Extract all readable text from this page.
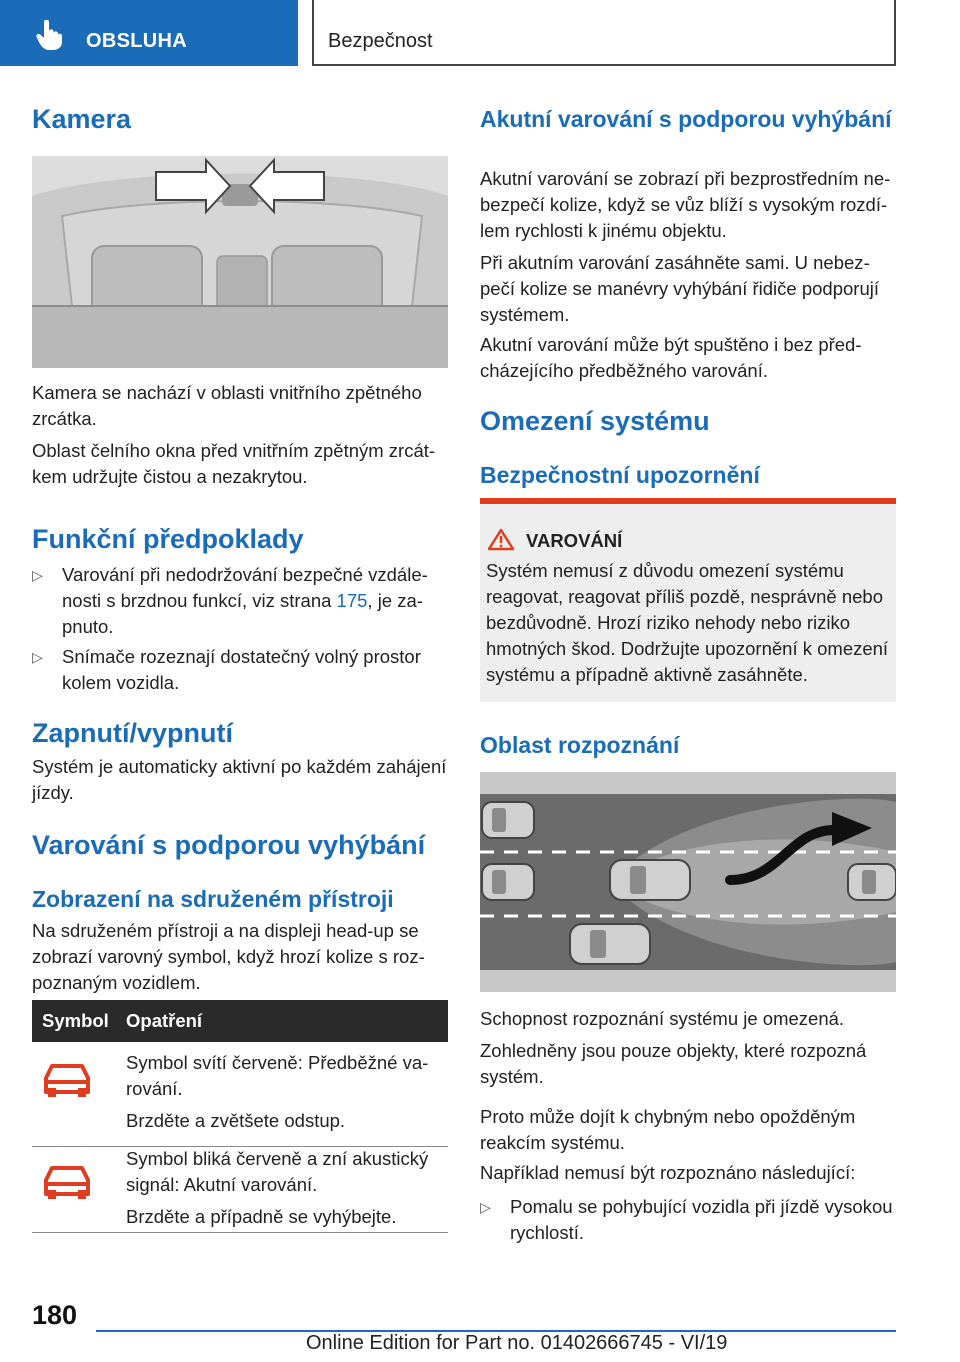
OBSLUHA	Bezpečnost
Kamera

Kamera se nachází v oblasti vnitřního zpětného zrcátka.

Oblast čelního okna před vnitřním zpětným zrcátkem udržujte čistou a nezakrytou.

Funkční předpoklady
▷ Varování při nedodržování bezpečné vzdálenosti s brzdnou funkcí, viz strana 175, je zapnuto.
▷ Snímače rozeznají dostatečný volný prostor kolem vozidla.
Zapnutí/vypnutí

Systém je automaticky aktivní po každém zahájení jízdy.

Varování s podporou vyhýbání
Zobrazení na sdruženém přístroji

Na sdruženém přístroji a na displeji head-up se zobrazí varovný symbol, když hrozí kolize s rozpoznaným vozidlem.

Symbol Opatření

Symbol svítí červeně: Předběžné varování.

Brzděte a zvětšete odstup.

Symbol bliká červeně a zní akustický signál: Akutní varování.

Brzděte a případně se vyhýbejte.

Akutní varování s podporou vyhýbání

Akutní varování se zobrazí při bezprostředním nebezpečí kolize, když se vůz blíží s vysokým rozdílem rychlosti k jinému objektu.

Při akutním varování zasáhněte sami. U nebezpečí kolize se manévry vyhýbání řidiče podporují systémem.

Akutní varování může být spuštěno i bez předcházejícího předběžného varování.

Omezení systému
Bezpečnostní upozornění
VAROVÁNÍ

Systém nemusí z důvodu omezení systému reagovat, reagovat příliš pozdě, nesprávně nebo bezdůvodně. Hrozí riziko nehody nebo riziko hmotných škod. Dodržujte upozornění k omezení systému a případně aktivně zasáhněte.

Oblast rozpoznání

Schopnost rozpoznání systému je omezená.

Zohledněny jsou pouze objekty, které rozpozná systém.

Proto může dojít k chybným nebo opožděným reakcím systému.

Například nemusí být rozpoznáno následující:

▷ Pomalu se pohybující vozidla při jízdě vysokou rychlostí.
180
Online Edition for Part no. 01402666745 - VI/19
